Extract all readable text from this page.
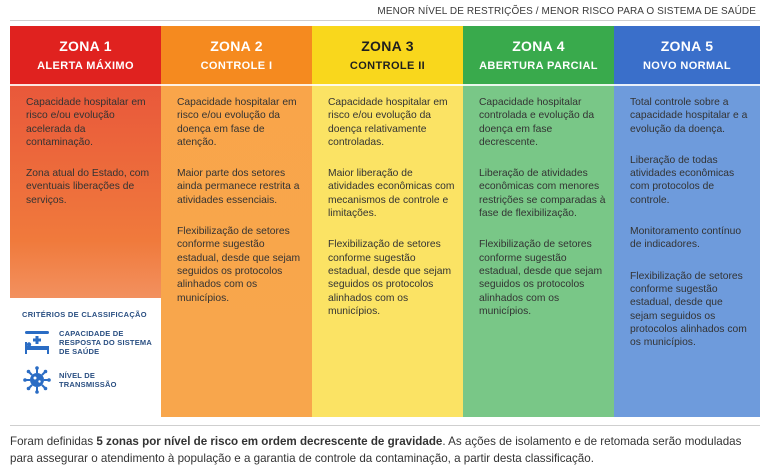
MENOR NÍVEL DE RESTRIÇÕES / MENOR RISCO PARA O SISTEMA DE SAÚDE
ZONA 1
ALERTA MÁXIMO

Capacidade hospitalar em risco e/ou evolução acelerada da contaminação.

Zona atual do Estado, com eventuais liberações de serviços.

ZONA 2
CONTROLE I

Capacidade hospitalar em risco e/ou evolução da doença em fase de atenção.

Maior parte dos setores ainda permanece restrita a atividades essenciais.

Flexibilização de setores conforme sugestão estadual, desde que sejam seguidos os protocolos alinhados com os municípios.

ZONA 3
CONTROLE II

Capacidade hospitalar em risco e/ou evolução da doença relativamente controladas.

Maior liberação de atividades econômicas com mecanismos de controle e limitações.

Flexibilização de setores conforme sugestão estadual, desde que sejam seguidos os protocolos alinhados com os municípios.

ZONA 4
ABERTURA PARCIAL

Capacidade hospitalar controlada e evolução da doença em fase decrescente.

Liberação de atividades econômicas com menores restrições se comparadas à fase de flexibilização.

Flexibilização de setores conforme sugestão estadual, desde que sejam seguidos os protocolos alinhados com os municípios.

ZONA 5
NOVO NORMAL

Total controle sobre a capacidade hospitalar e a evolução da doença.

Liberação de todas atividades econômicas com protocolos de controle.

Monitoramento contínuo de indicadores.

Flexibilização de setores conforme sugestão estadual, desde que sejam seguidos os protocolos alinhados com os municípios.

CRITÉRIOS DE CLASSIFICAÇÃO
CAPACIDADE DE RESPOSTA DO SISTEMA DE SAÚDE
NÍVEL DE TRANSMISSÃO
Foram definidas 5 zonas por nível de risco em ordem decrescente de gravidade. As ações de isolamento e de retomada serão moduladas para assegurar o atendimento à população e a garantia de controle da contaminação, a partir desta classificação.
